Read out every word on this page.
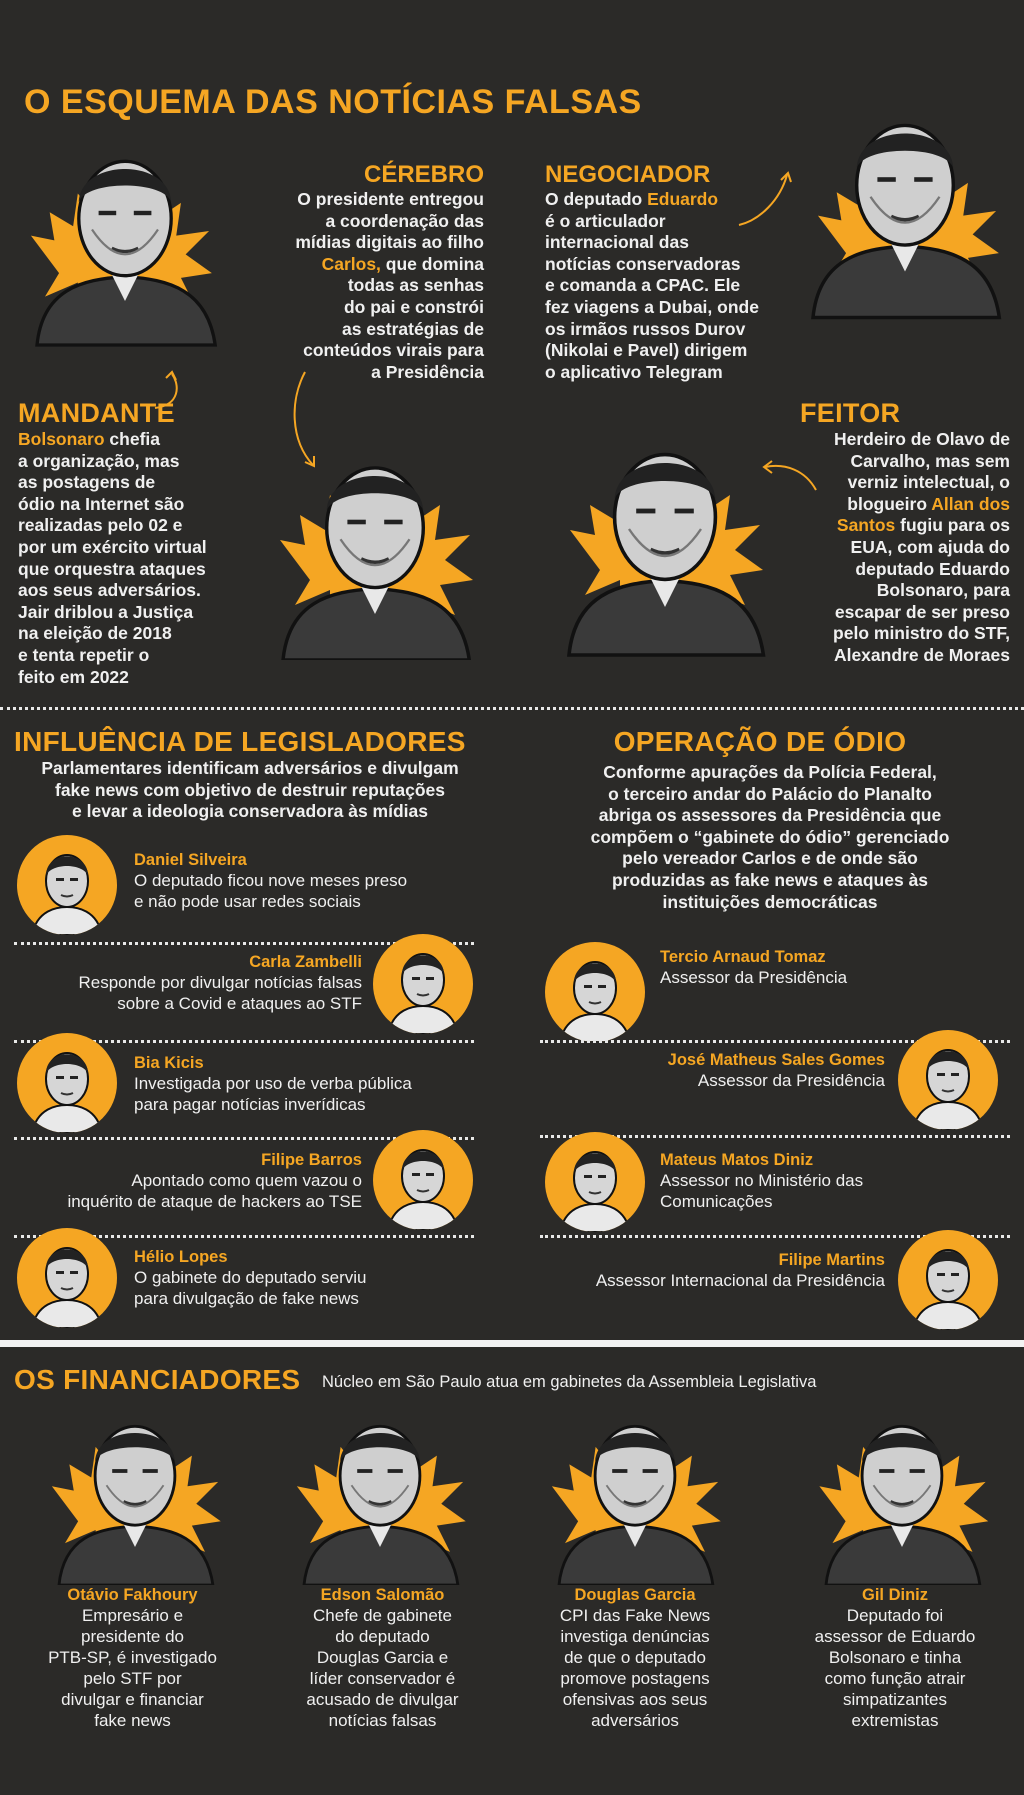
O ESQUEMA DAS NOTÍCIAS FALSAS
CÉREBRO
O presidente entregou
a coordenação das
mídias digitais ao filho
Carlos, que domina
todas as senhas
do pai e constrói
as estratégias de
conteúdos virais para
a Presidência
NEGOCIADOR
O deputado Eduardo
é o articulador
internacional das
notícias conservadoras
e comanda a CPAC. Ele
fez viagens a Dubai, onde
os irmãos russos Durov
(Nikolai e Pavel) dirigem
o aplicativo Telegram
MANDANTE
Bolsonaro chefia
a organização, mas
as postagens de
ódio na Internet são
realizadas pelo 02 e
por um exército virtual
que orquestra ataques
aos seus adversários.
Jair driblou a Justiça
na eleição de 2018
e tenta repetir o
feito em 2022
FEITOR
Herdeiro de Olavo de
Carvalho, mas sem
verniz intelectual, o
blogueiro Allan dos
Santos fugiu para os
EUA, com ajuda do
deputado Eduardo
Bolsonaro, para
escapar de ser preso
pelo ministro do STF,
Alexandre de Moraes
INFLUÊNCIA DE LEGISLADORES
Parlamentares identificam adversários e divulgam
fake news com objetivo de destruir reputações
e levar a ideologia conservadora às mídias
Daniel Silveira
O deputado ficou nove meses preso
e não pode usar redes sociais
Carla Zambelli
Responde por divulgar notícias falsas
sobre a Covid e ataques ao STF
Bia Kicis
Investigada por uso de verba pública
para pagar notícias inverídicas
Filipe Barros
Apontado como quem vazou o
inquérito de ataque de hackers ao TSE
Hélio Lopes
O gabinete do deputado serviu
para divulgação de fake news
OPERAÇÃO DE ÓDIO
Conforme apurações da Polícia Federal,
o terceiro andar do Palácio do Planalto
abriga os assessores da Presidência que
compõem o “gabinete do ódio” gerenciado
pelo vereador Carlos e de onde são
produzidas as fake news e ataques às
instituições democráticas
Tercio Arnaud Tomaz
Assessor da Presidência
José Matheus Sales Gomes
Assessor da Presidência
Mateus Matos Diniz
Assessor no Ministério das
Comunicações
Filipe Martins
Assessor Internacional da Presidência
OS FINANCIADORES Núcleo em São Paulo atua em gabinetes da Assembleia Legislativa
Otávio Fakhoury
Empresário e
presidente do
PTB-SP, é investigado
pelo STF por
divulgar e financiar
fake news
Edson Salomão
Chefe de gabinete
do deputado
Douglas Garcia e
líder conservador é
acusado de divulgar
notícias falsas
Douglas Garcia
CPI das Fake News
investiga denúncias
de que o deputado
promove postagens
ofensivas aos seus
adversários
Gil Diniz
Deputado foi
assessor de Eduardo
Bolsonaro e tinha
como função atrair
simpatizantes
extremistas
